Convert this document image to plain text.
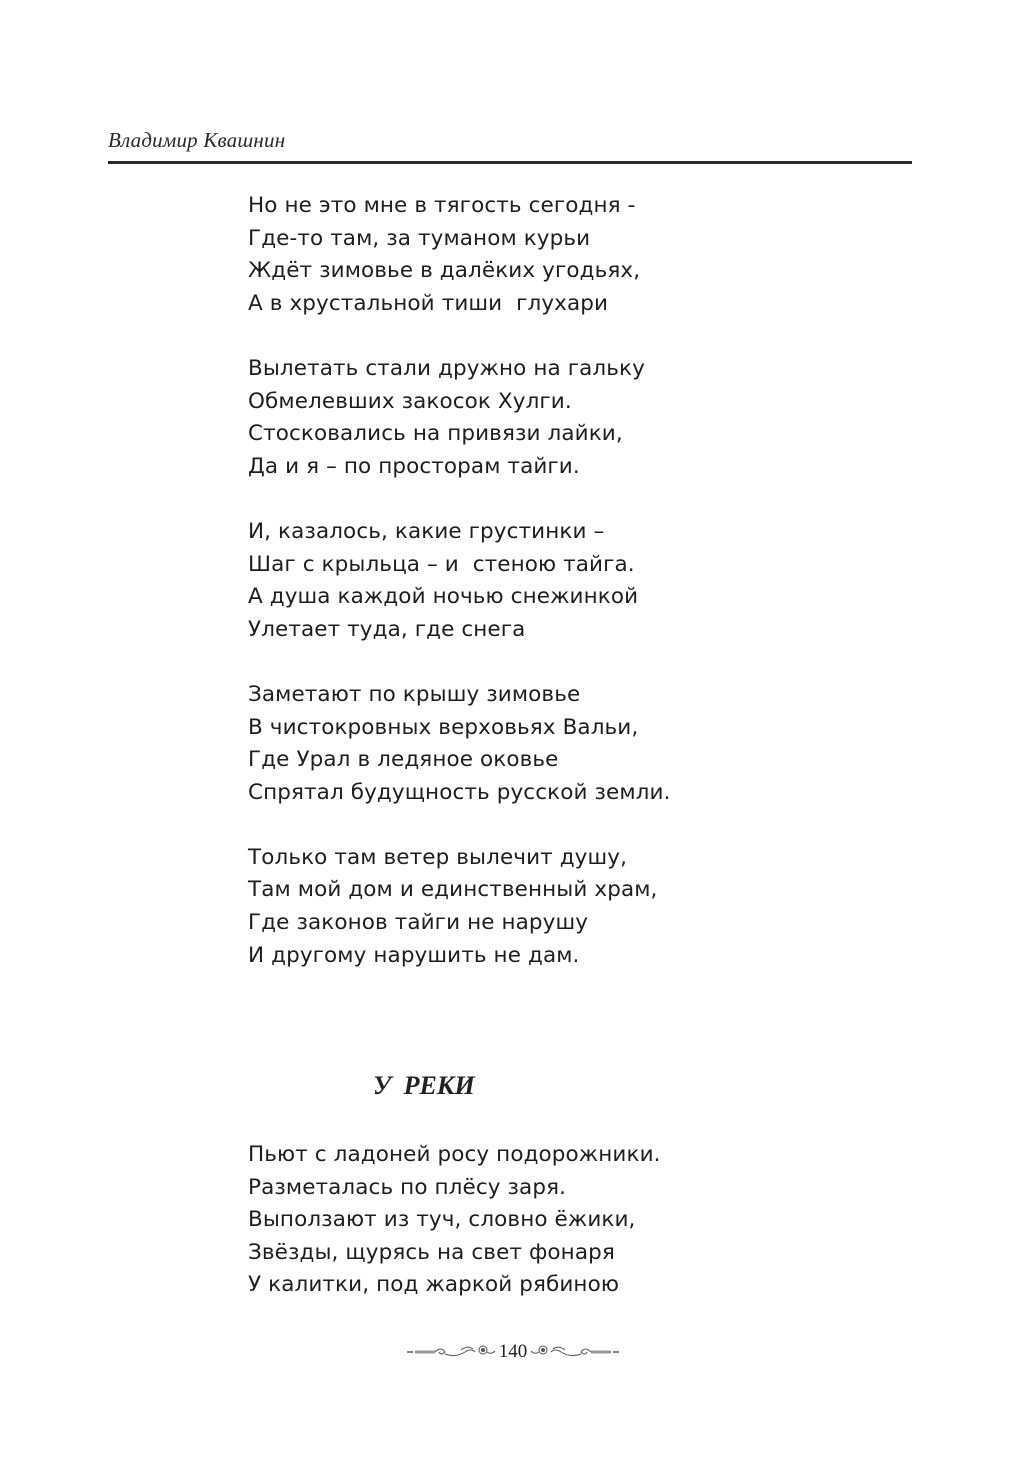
Владимир Квашнин
Но не это мне в тягость сегодня -
Где-то там, за туманом курьи
Ждёт зимовье в далёких угодьях,
А в хрустальной тиши  глухари
Вылетать стали дружно на гальку
Обмелевших закосок Хулги.
Стосковались на привязи лайки,
Да и я – по просторам тайги.
И, казалось, какие грустинки –
Шаг с крыльца – и  стеною тайга.
А душа каждой ночью снежинкой
Улетает туда, где снега
Заметают по крышу зимовье
В чистокровных верховьях Вальи,
Где Урал в ледяное оковье
Спрятал будущность русской земли.
Только там ветер вылечит душу,
Там мой дом и единственный храм,
Где законов тайги не нарушу
И другому нарушить не дам.
У РЕКИ
Пьют с ладоней росу подорожники.
Разметалась по плёсу заря.
Выползают из туч, словно ёжики,
Звёзды, щурясь на свет фонаря
У калитки, под жаркой рябиною
140
